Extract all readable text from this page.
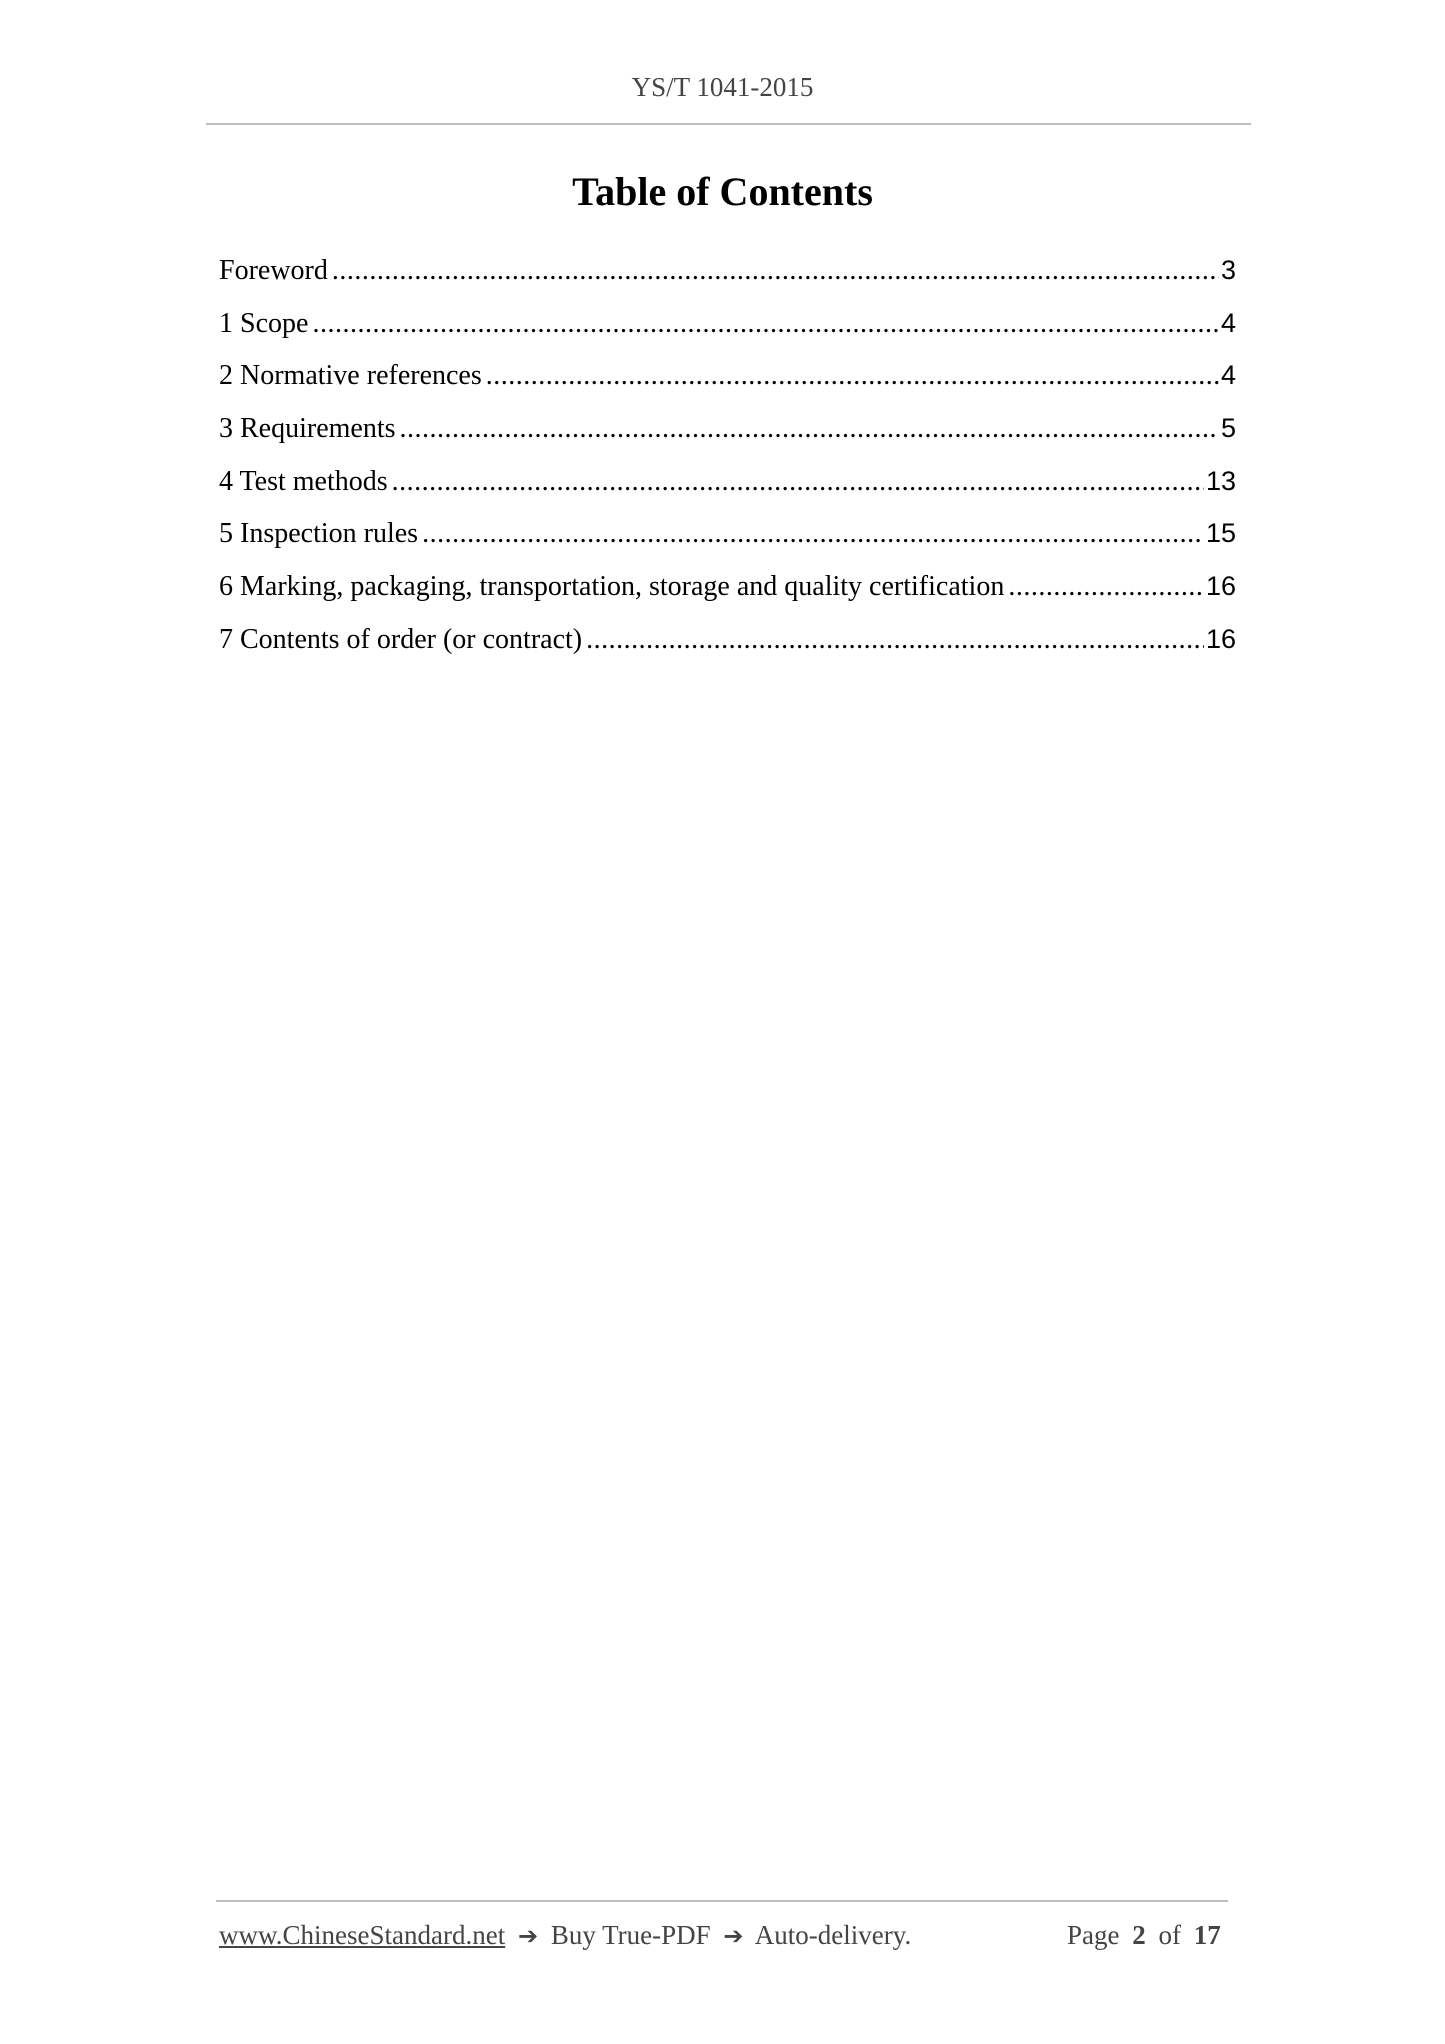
YS/T 1041-2015
Table of Contents
Foreword .....	3
1 Scope .....	4
2 Normative references .....	4
3 Requirements .....	5
4 Test methods .....	13
5 Inspection rules .....	15
6 Marking, packaging, transportation, storage and quality certification .....	16
7 Contents of order (or contract) .....	16
www.ChineseStandard.net ➔ Buy True-PDF ➔ Auto-delivery.	Page 2 of 17
